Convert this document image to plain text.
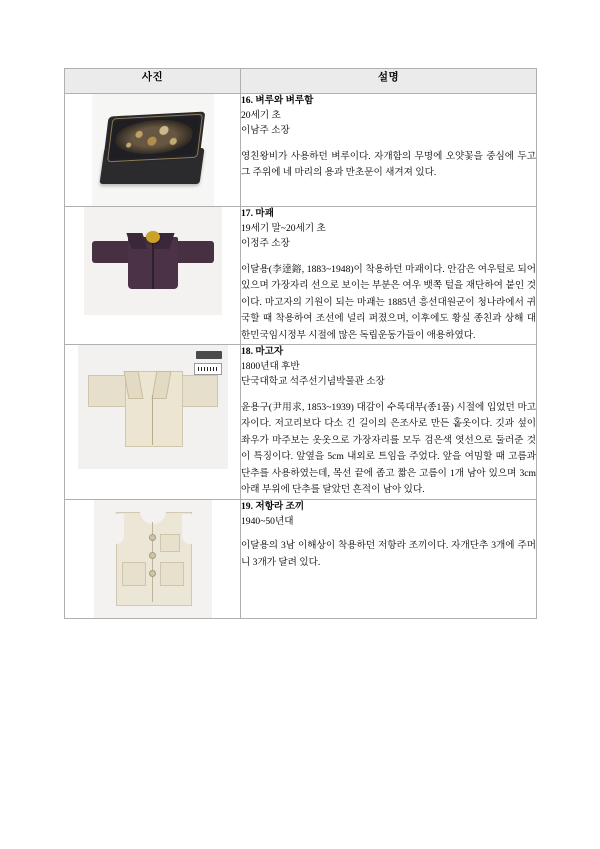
사진	설명

	16. 벼루와 벼루함

20세기 초

이남주 소장

영친왕비가 사용하던 벼루이다. 자개함의 무명에 오얏꽃을 중심에 두고 그 주위에 네 마리의 용과 만초문이 새겨져 있다.

	17. 마괘

19세기 말~20세기 초

이정주 소장

이달용(李達鎔, 1883~1948)이 착용하던 마괘이다. 안감은 여우털로 되어 있으며 가장자리 선으로 보이는 부분은 여우 뱃쪽 털을 재단하여 붙인 것이다. 마고자의 기원이 되는 마괘는 1885년 흥선대원군이 청나라에서 귀국할 때 착용하여 조선에 널리 퍼졌으며, 이후에도 황실 종친과 상해 대한민국임시정부 시절에 많은 독립운동가들이 애용하였다.

	18. 마고자

1800년대 후반

단국대학교 석주선기념박물관 소장

윤용구(尹用求, 1853~1939) 대감이 수록대부(종1품) 시절에 입었던 마고자이다. 저고리보다 다소 긴 길이의 은조사로 만든 홑옷이다. 깃과 섶이 좌우가 마주보는 옷옷으로 가장자리를 모두 검은색 엿선으로 둘러준 것이 특징이다. 앞옆을 5cm 내외로 트임을 주었다. 앞을 여밈할 때 고름과 단추를 사용하였는데, 목선 끝에 좁고 짧은 고름이 1개 남아 있으며 3cm 아래 부위에 단추를 달았던 흔적이 남아 있다.

	19. 저항라 조끼

1940~50년대

이달용의 3남 이해상이 착용하던 저항라 조끼이다. 자개단추 3개에 주머니 3개가 달려 있다.
